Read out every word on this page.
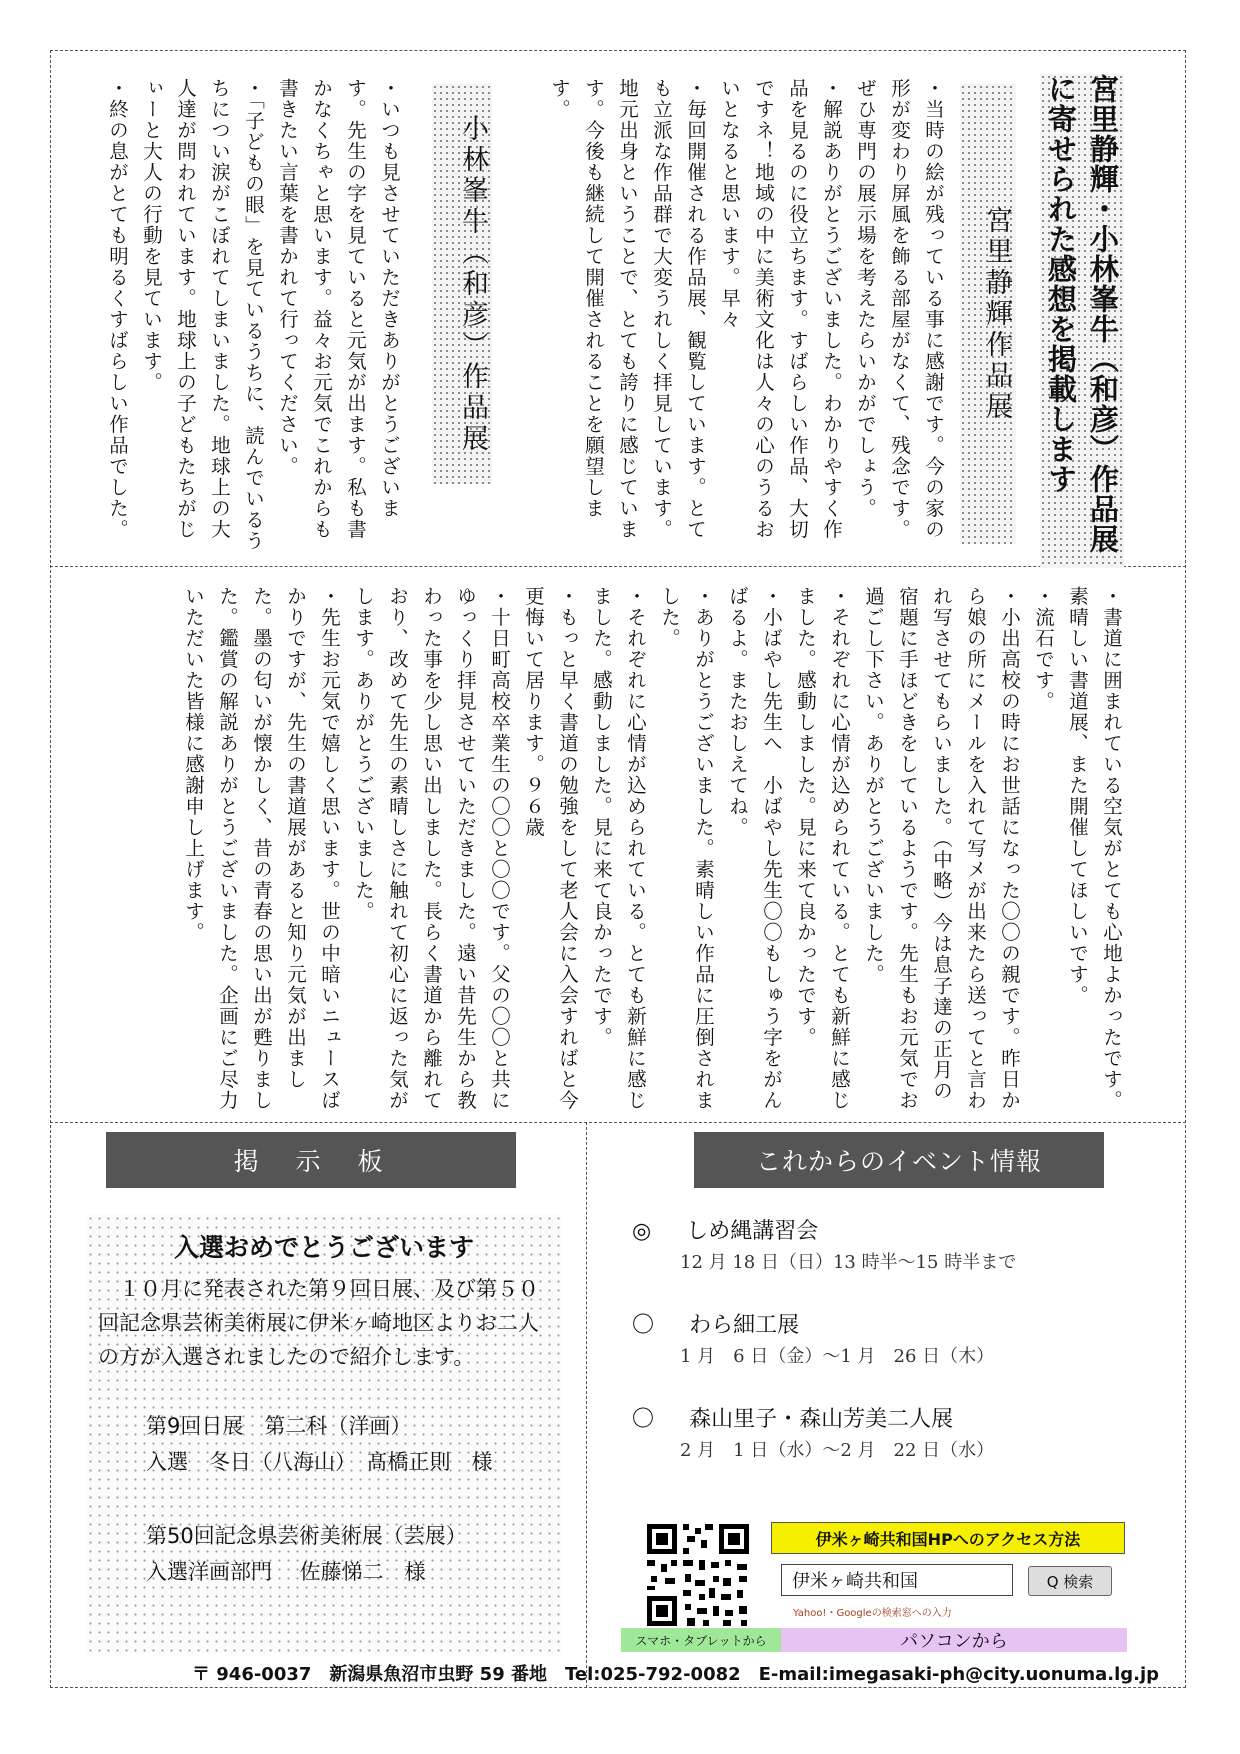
宮里静輝・小林峯牛（和彦）作品展に寄せられた感想を掲載します
宮里静輝作品展

・当時の絵が残っている事に感謝です。今の家の形が変わり屏風を飾る部屋がなくて、残念です。ぜひ専門の展示場を考えたらいかがでしょう。

・解説ありがとうございました。わかりやすく作品を見るのに役立ちます。すばらしい作品、大切ですネ！地域の中に美術文化は人々の心のうるおいとなると思います。早々

・毎回開催される作品展、観覧しています。とても立派な作品群で大変うれしく拝見しています。地元出身ということで、とても誇りに感じています。今後も継続して開催されることを願望します。

小林峯牛（和彦）作品展

・いつも見させていただきありがとうございます。先生の字を見ていると元気が出ます。私も書かなくちゃと思います。益々お元気でこれからも書きたい言葉を書かれて行ってください。

・「子どもの眼」を見ているうちに、読んでいるうちについ涙がこぼれてしまいました。地球上の大人達が問われています。地球上の子どもたちがじぃーと大人の行動を見ています。

・終の息がとても明るくすばらしい作品でした。

・書道に囲まれている空気がとても心地よかったです。素晴しい書道展、また開催してほしいです。

・流石です。

・小出高校の時にお世話になった〇〇の親です。昨日から娘の所にメールを入れて写メが出来たら送ってと言われ写させてもらいました。（中略）今は息子達の正月の宿題に手ほどきをしているようです。先生もお元気でお過ごし下さい。ありがとうございました。

・それぞれに心情が込められている。とても新鮮に感じました。感動しました。見に来て良かったです。

・小ばやし先生へ　小ばやし先生〇〇もしゅう字をがんばるよ。またおしえてね。

・ありがとうございました。素晴しい作品に圧倒されました。

・それぞれに心情が込められている。とても新鮮に感じました。感動しました。見に来て良かったです。

・もっと早く書道の勉強をして老人会に入会すればと今更悔いて居ります。９６歳

・十日町高校卒業生の〇〇と〇〇です。父の〇〇と共にゆっくり拝見させていただきました。遠い昔先生から教わった事を少し思い出しました。長らく書道から離れており、改めて先生の素晴しさに触れて初心に返った気がします。ありがとうございました。

・先生お元気で嬉しく思います。世の中暗いニュースばかりですが、先生の書道展があると知り元気が出ました。墨の匂いが懐かしく、昔の青春の思い出が甦りました。鑑賞の解説ありがとうございました。企画にご尽力いただいた皆様に感謝申し上げます。

掲　示　板
入選おめでとうございます
　１０月に発表された第９回日展、及び第５０回記念県芸術美術展に伊米ヶ崎地区よりお二人の方が入選されましたので紹介します。
第9回日展　第二科（洋画）
入選　冬日（八海山）　髙橋正則　様
第50回記念県芸術美術展（芸展）
入選洋画部門　 佐藤悌二　様
これからのイベント情報
◎ しめ縄講習会
12 月 18 日（日）13 時半～15 時半まで
〇 わら細工展
1 月　6 日（金）～1 月　26 日（木）
〇 森山里子・森山芳美二人展
2 月　1 日（水）～2 月　22 日（水）
伊米ヶ崎共和国HPへのアクセス方法
伊米ヶ崎共和国	Q 検索
Yahoo!・Googleの検索窓への入力
スマホ・タブレットから	パソコンから
〒 946-0037　新潟県魚沼市虫野 59 番地　Tel:025-792-0082　E-mail:imegasaki-ph@city.uonuma.lg.jp
